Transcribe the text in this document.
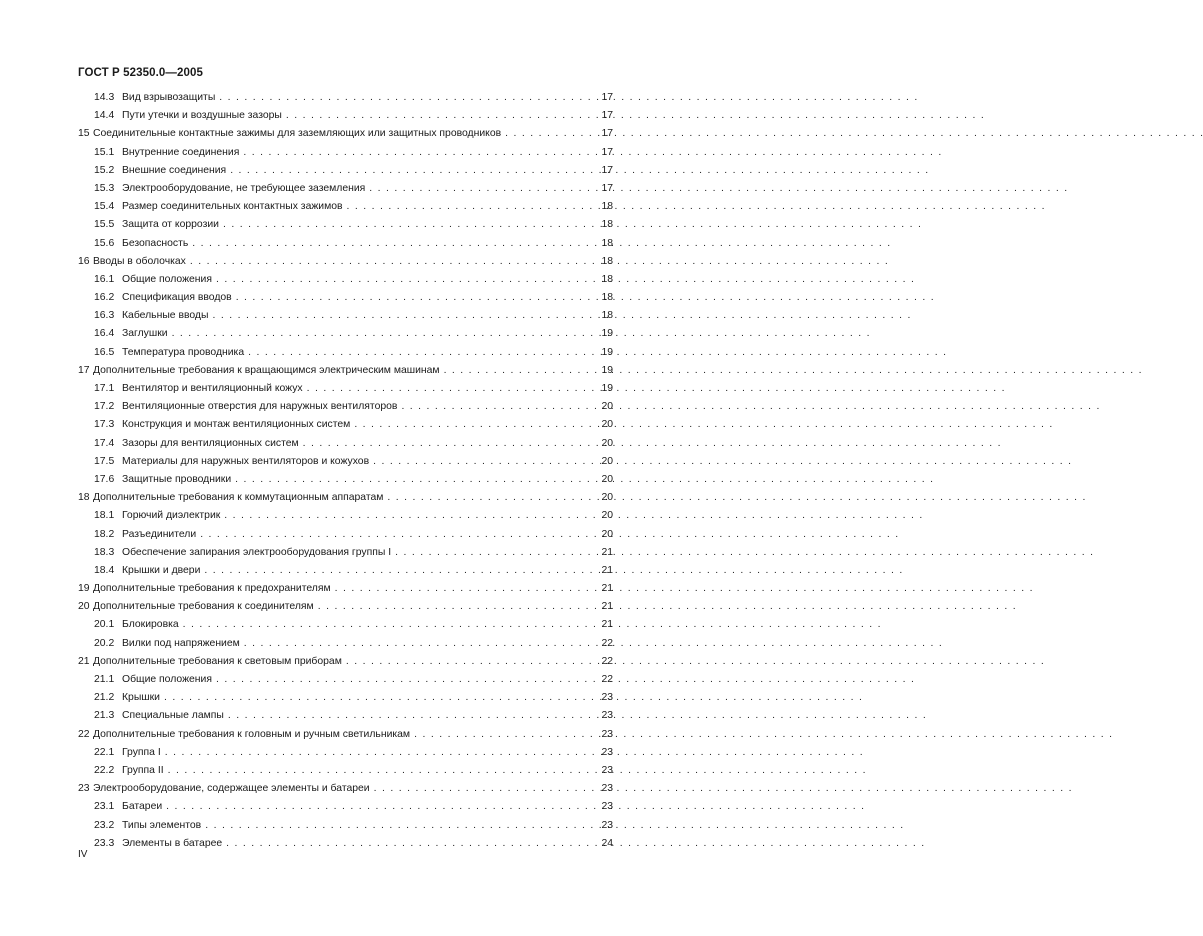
ГОСТ Р 52350.0—2005
14.3 Вид взрывозащиты . . .	17
14.4 Пути утечки и воздушные зазоры . . .	17
15 Соединительные контактные зажимы для заземляющих или защитных проводников . . .	17
15.1 Внутренние соединения . . .	17
15.2 Внешние соединения . . .	17
15.3 Электрооборудование, не требующее заземления . . .	17
15.4 Размер соединительных контактных зажимов . . .	18
15.5 Защита от коррозии . . .	18
15.6 Безопасность . . .	18
16 Вводы в оболочках . . .	18
16.1 Общие положения . . .	18
16.2 Спецификация вводов . . .	18
16.3 Кабельные вводы . . .	18
16.4 Заглушки . . .	19
16.5 Температура проводника . . .	19
17 Дополнительные требования к вращающимся электрическим машинам . . .	19
17.1 Вентилятор и вентиляционный кожух . . .	19
17.2 Вентиляционные отверстия для наружных вентиляторов . . .	20
17.3 Конструкция и монтаж вентиляционных систем . . .	20
17.4 Зазоры для вентиляционных систем . . .	20
17.5 Материалы для наружных вентиляторов и кожухов . . .	20
17.6 Защитные проводники . . .	20
18 Дополнительные требования к коммутационным аппаратам . . .	20
18.1 Горючий диэлектрик . . .	20
18.2 Разъединители . . .	20
18.3 Обеспечение запирания электрооборудования группы I . . .	21
18.4 Крышки и двери . . .	21
19 Дополнительные требования к предохранителям . . .	21
20 Дополнительные требования к соединителям . . .	21
20.1 Блокировка . . .	21
20.2 Вилки под напряжением . . .	22
21 Дополнительные требования к световым приборам . . .	22
21.1 Общие положения . . .	22
21.2 Крышки . . .	23
21.3 Специальные лампы . . .	23
22 Дополнительные требования к головным и ручным светильникам . . .	23
22.1 Группа I . . .	23
22.2 Группа II . . .	23
23 Электрооборудование, содержащее элементы и батареи . . .	23
23.1 Батареи . . .	23
23.2 Типы элементов . . .	23
23.3 Элементы в батарее . . .	24
IV
